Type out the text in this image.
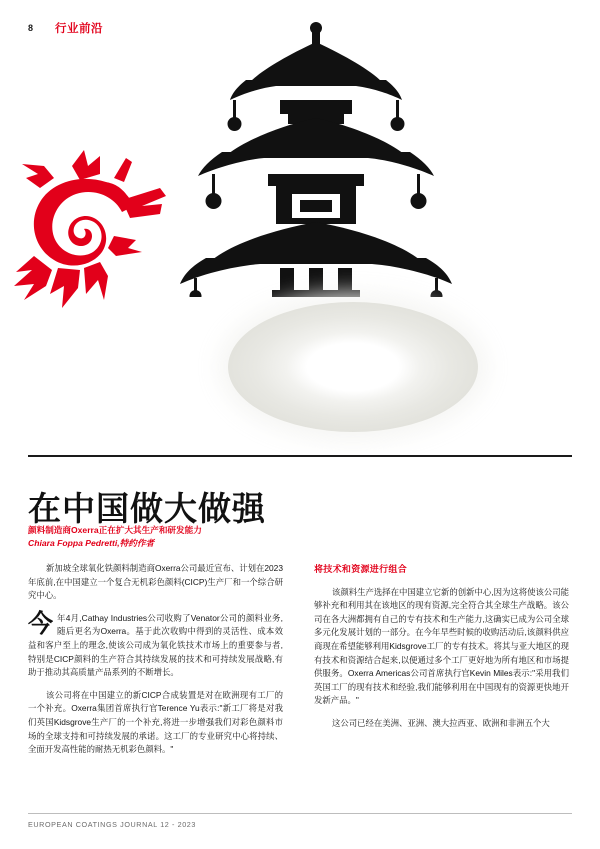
8 行业前沿
在中国做大做强
颜料制造商Oxerra正在扩大其生产和研发能力
Chiara Foppa Pedretti,特约作者

新加坡全球氧化铁颜料制造商Oxerra公司最近宣布、计划在2023年底前,在中国建立一个复合无机彩色颜料(CICP)生产厂和一个综合研究中心。

今年4月,Cathay Industries公司收购了Venator公司的颜料业务,随后更名为Oxerra。基于此次收购中得到的灵活性、成本效益和客户至上的理念,使该公司成为氧化铁技术市场上的重要参与者,特别是CICP颜料的生产符合其持续发展的技术和可持续发展战略,有助于推动其高质量产品系列的不断增长。

该公司将在中国建立的新CICP合成装置是对在欧洲现有工厂的一个补充。Oxerra集团首席执行官Terence Yu表示:"新工厂将是对我们英国Kidsgrove生产厂的一个补充,将进一步增强我们对彩色颜料市场的全球支持和可持续发展的承诺。这工厂的专业研究中心将持续、全面开发高性能的耐热无机彩色颜料。"

将技术和资源进行组合

该颜料生产选择在中国建立它新的创新中心,因为这将使该公司能够补充和利用其在该地区的现有资源,完全符合其全球生产战略。该公司在各大洲都拥有自己的专有技术和生产能力,这确实已成为公司全球多元化发展计划的一部分。在今年早些时候的收购活动后,该颜料供应商现在希望能够利用Kidsgrove工厂的专有技术。将其与亚大地区的现有技术和资源结合起来,以便通过多个工厂更好地为所有地区和市场提供服务。Oxerra Americas公司首席执行官Kevin Miles表示:"采用我们英国工厂的现有技术和经验,我们能够利用在中国现有的资源更快地开发新产品。"

这公司已经在美洲、亚洲、澳大拉西亚、欧洲和非洲五个大

EUROPEAN COATINGS JOURNAL 12 - 2023
